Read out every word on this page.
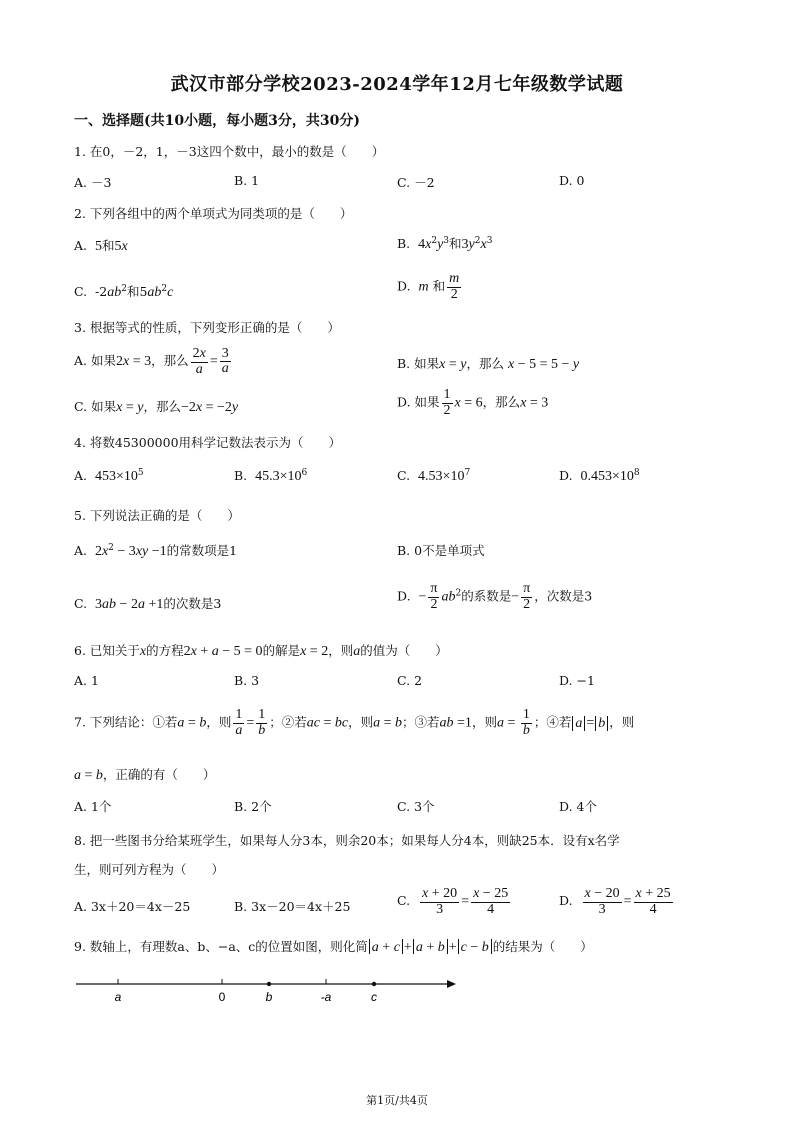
武汉市部分学校2023-2024学年12月七年级数学试题
一、选择题(共10小题，每小题3分，共30分)
1. 在0，－2，1，－3这四个数中，最小的数是（　　）
A. －3	B. 1	C. －2	D. 0
2. 下列各组中的两个单项式为同类项的是（　　）
A.  5和5x	B.  $4x^2y^3$和$3y^2x^3$
C.  $-2ab^2$和$5ab^2c$	D.  m 和 $\frac{m}{2}$
3. 根据等式的性质，下列变形正确的是（　　）
A. 如果2x = 3，那么 $\frac{2x}{a} = \frac{3}{a}$	B. 如果x = y，那么 x − 5 = 5 − y
C. 如果x = y，那么−2x = −2y	D. 如果 $\frac{1}{2}$ x = 6，那么x = 3
4. 将数45300000用科学记数法表示为（　　）
A.  $453\times 10^5$	B.  $45.3\times 10^6$	C.  $4.53\times 10^7$	D.  $0.453\times 10^8$
5. 下列说法正确的是（　　）
A.  $2x^2 - 3xy -1$的常数项是1	B. 0不是单项式
C.  3ab − 2a +1的次数是3	D.  − $\frac{\pi}{2} ab^2$的系数是− $\frac{\pi}{2}$ ，次数是3
6. 已知关于x的方程2x + a − 5 = 0的解是x = 2，则a的值为（　　）
A. 1	B. 3	C. 2	D. −1
7. 下列结论：①若a = b，则 $\frac{1}{a} = \frac{1}{b}$ ；②若ac = bc，则a = b；③若ab =1，则$a = \frac{1}{b}$ ；④若 a = b ，则
a = b，正确的有（　　）
A. 1个	B. 2个	C. 3个	D. 4个
8. 把一些图书分给某班学生，如果每人分3本，则余20本；如果每人分4本，则缺25本．设有x名学
生，则可列方程为（　　）
A. 3x＋20＝4x－25	B. 3x－20＝4x＋25	C. $\frac{x + 20}{3} = \frac{x - 25}{4}$	D. $\frac{x - 20}{3} = \frac{x + 25}{4}$
9. 数轴上，有理数a、b、−a、c的位置如图，则化简 a + c + a + b + c − b 的结果为（　　）
a	0	b	-a	c
第1页/共4页
